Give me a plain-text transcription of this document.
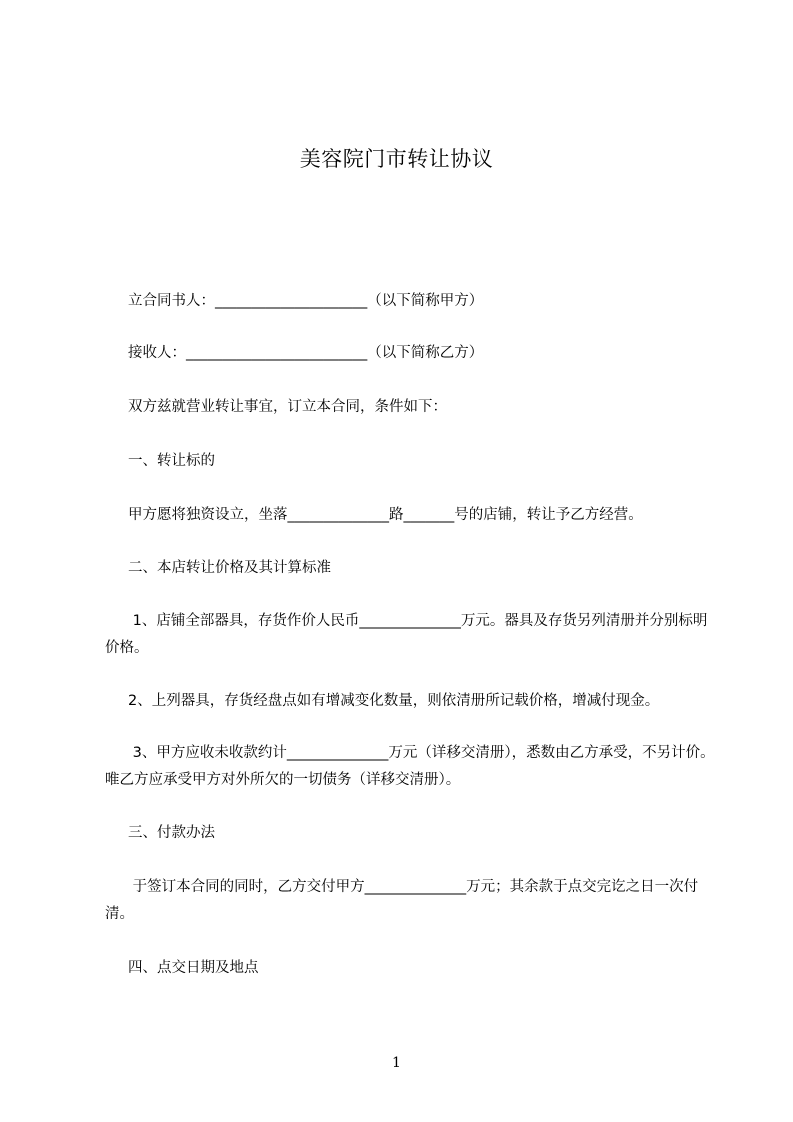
美容院门市转让协议
立合同书人：_____________________（以下简称甲方）
接收人：_________________________（以下简称乙方）
双方兹就营业转让事宜，订立本合同，条件如下：
一、转让标的
甲方愿将独资设立，坐落______________路_______号的店铺，转让予乙方经营。
二、本店转让价格及其计算标准
1、店铺全部器具，存货作价人民币______________万元。器具及存货另列清册并分别标明价格。
2、上列器具，存货经盘点如有增减变化数量，则依清册所记载价格，增减付现金。
3、甲方应收未收款约计______________万元（详移交清册），悉数由乙方承受，不另计价。唯乙方应承受甲方对外所欠的一切债务（详移交清册）。
三、付款办法
于签订本合同的同时，乙方交付甲方______________万元；其余款于点交完讫之日一次付清。
四、点交日期及地点
1
